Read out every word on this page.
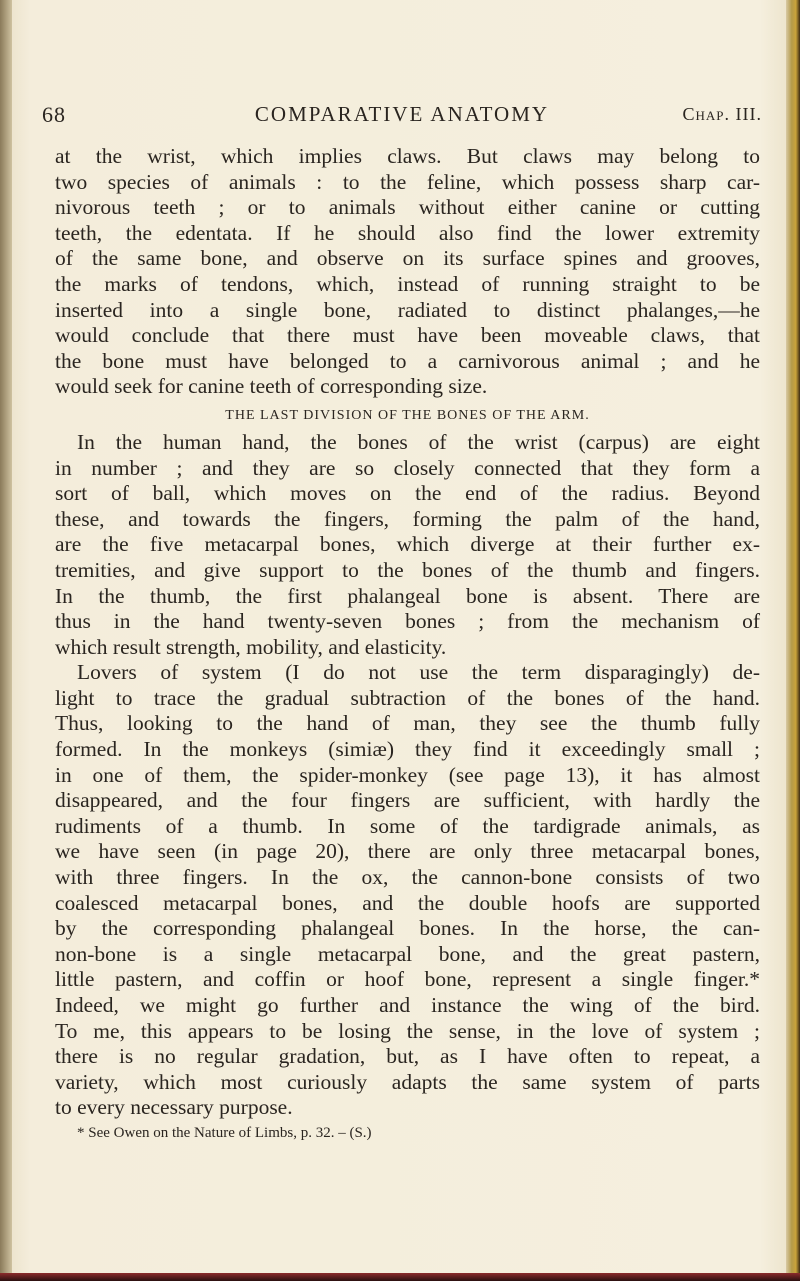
COMPARATIVE ANATOMY
68	Chap. III.
at the wrist, which implies claws. But claws may belong to
two species of animals : to the feline, which possess sharp car-
nivorous teeth ; or to animals without either canine or cutting
teeth, the edentata. If he should also find the lower extremity
of the same bone, and observe on its surface spines and grooves,
the marks of tendons, which, instead of running straight to be
inserted into a single bone, radiated to distinct phalanges,—he
would conclude that there must have been moveable claws, that
the bone must have belonged to a carnivorous animal ; and he
would seek for canine teeth of corresponding size.
THE LAST DIVISION OF THE BONES OF THE ARM.
In the human hand, the bones of the wrist (carpus) are eight
in number ; and they are so closely connected that they form a
sort of ball, which moves on the end of the radius. Beyond
these, and towards the fingers, forming the palm of the hand,
are the five metacarpal bones, which diverge at their further ex-
tremities, and give support to the bones of the thumb and fingers.
In the thumb, the first phalangeal bone is absent. There are
thus in the hand twenty-seven bones ; from the mechanism of
which result strength, mobility, and elasticity.
Lovers of system (I do not use the term disparagingly) de-
light to trace the gradual subtraction of the bones of the hand.
Thus, looking to the hand of man, they see the thumb fully
formed. In the monkeys (simiæ) they find it exceedingly small ;
in one of them, the spider-monkey (see page 13), it has almost
disappeared, and the four fingers are sufficient, with hardly the
rudiments of a thumb. In some of the tardigrade animals, as
we have seen (in page 20), there are only three metacarpal bones,
with three fingers. In the ox, the cannon-bone consists of two
coalesced metacarpal bones, and the double hoofs are supported
by the corresponding phalangeal bones. In the horse, the can-
non-bone is a single metacarpal bone, and the great pastern,
little pastern, and coffin or hoof bone, represent a single finger.*
Indeed, we might go further and instance the wing of the bird.
To me, this appears to be losing the sense, in the love of system ;
there is no regular gradation, but, as I have often to repeat, a
variety, which most curiously adapts the same system of parts
to every necessary purpose.
* See Owen on the Nature of Limbs, p. 32. – (S.)
